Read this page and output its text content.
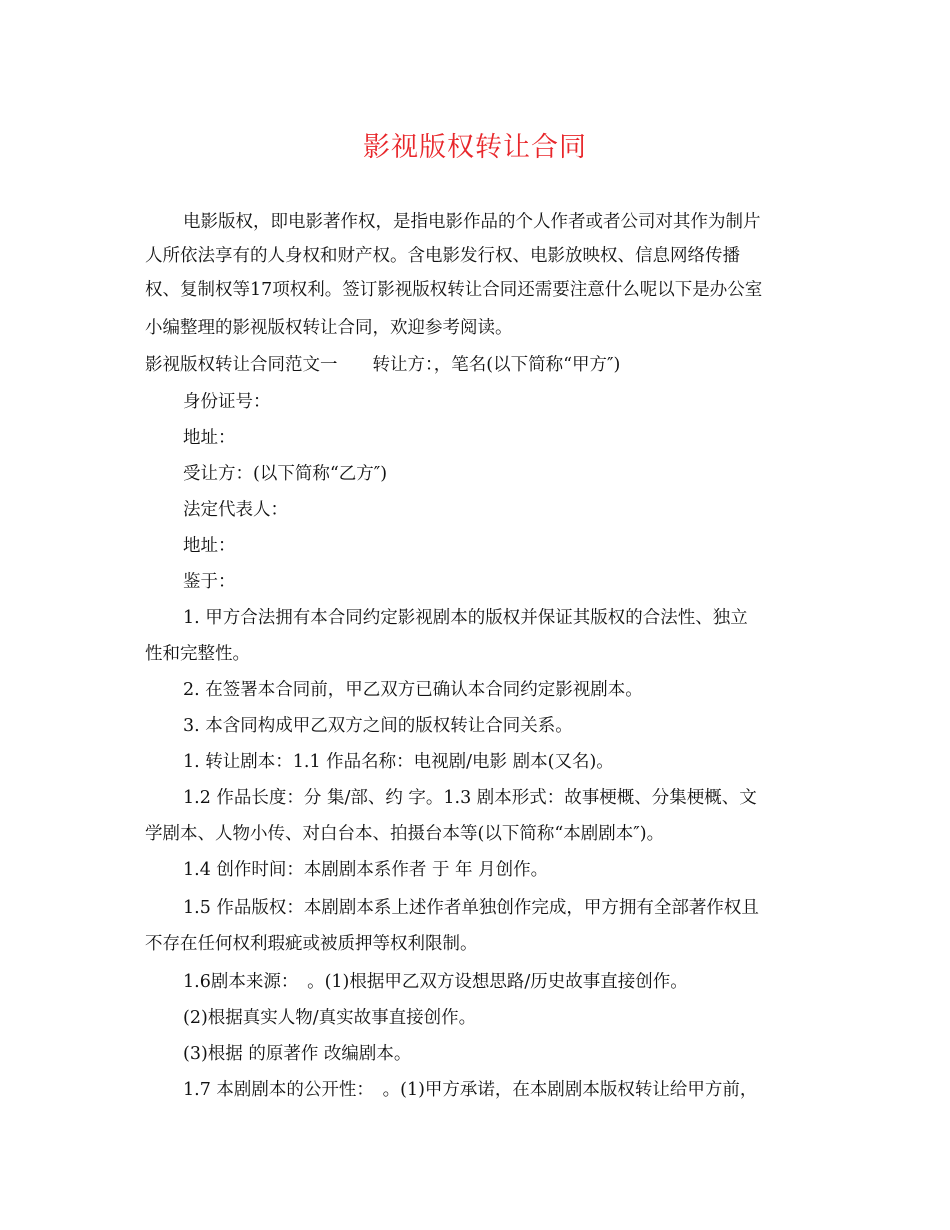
影视版权转让合同
电影版权，即电影著作权，是指电影作品的个人作者或者公司对其作为制片
人所依法享有的人身权和财产权。含电影发行权、电影放映权、信息网络传播
权、复制权等17项权利。签订影视版权转让合同还需要注意什么呢以下是办公室
小编整理的影视版权转让合同，欢迎参考阅读。
影视版权转让合同范文一　　转让方：，笔名(以下简称“甲方″)
身份证号：
地址：
受让方：(以下简称“乙方″)
法定代表人：
地址：
鉴于：
1. 甲方合法拥有本合同约定影视剧本的版权并保证其版权的合法性、独立
性和完整性。
2. 在签署本合同前，甲乙双方已确认本合同约定影视剧本。
3. 本含同构成甲乙双方之间的版权转让合同关系。
1. 转让剧本：1.1 作品名称：电视剧/电影 剧本(又名)。
1.2 作品长度：分 集/部、约 字。1.3 剧本形式：故事梗概、分集梗概、文
学剧本、人物小传、对白台本、拍摄台本等(以下简称“本剧剧本″)。
1.4 创作时间：本剧剧本系作者 于 年 月创作。
1.5 作品版权：本剧剧本系上述作者单独创作完成，甲方拥有全部著作权且
不存在任何权利瑕疵或被质押等权利限制。
1.6剧本来源：　。(1)根据甲乙双方设想思路/历史故事直接创作。
(2)根据真实人物/真实故事直接创作。
(3)根据 的原著作 改编剧本。
1.7 本剧剧本的公开性：　。(1)甲方承诺，在本剧剧本版权转让给甲方前，
